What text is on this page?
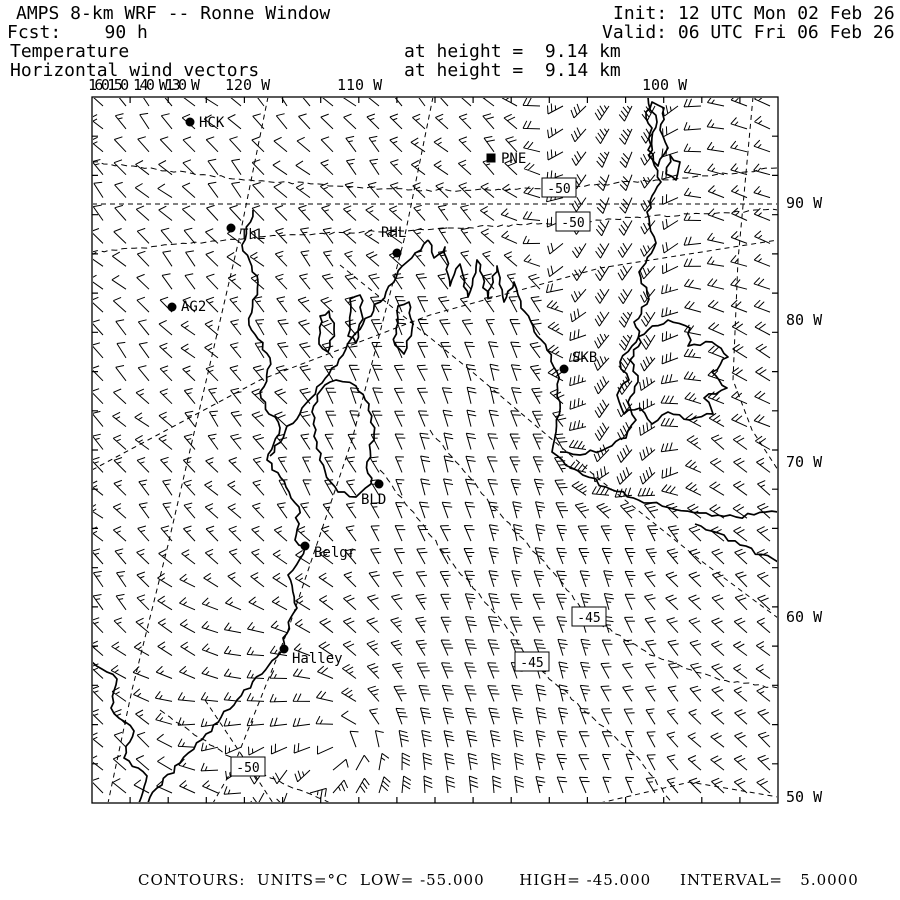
AMPS 8-km WRF -- Ronne Window	Init: 12 UTC Mon 02 Feb 26
Fcst:    90 h	Valid: 06 UTC Fri 06 Feb 26
Temperature	at height =  9.14 km
Horizontal wind vectors	at height =  9.14 km
160150 140 W130 W 120 W	110 W	100 W
90 W
80 W
70 W
60 W
50 W
-50
-50
-45
-45
-50
HCK
PNE
ThL	RHL
AG2
SKB
BLD
Belgr
Halley
CONTOURS:  UNITS=°C  LOW= -55.000      HIGH= -45.000     INTERVAL=   5.0000
